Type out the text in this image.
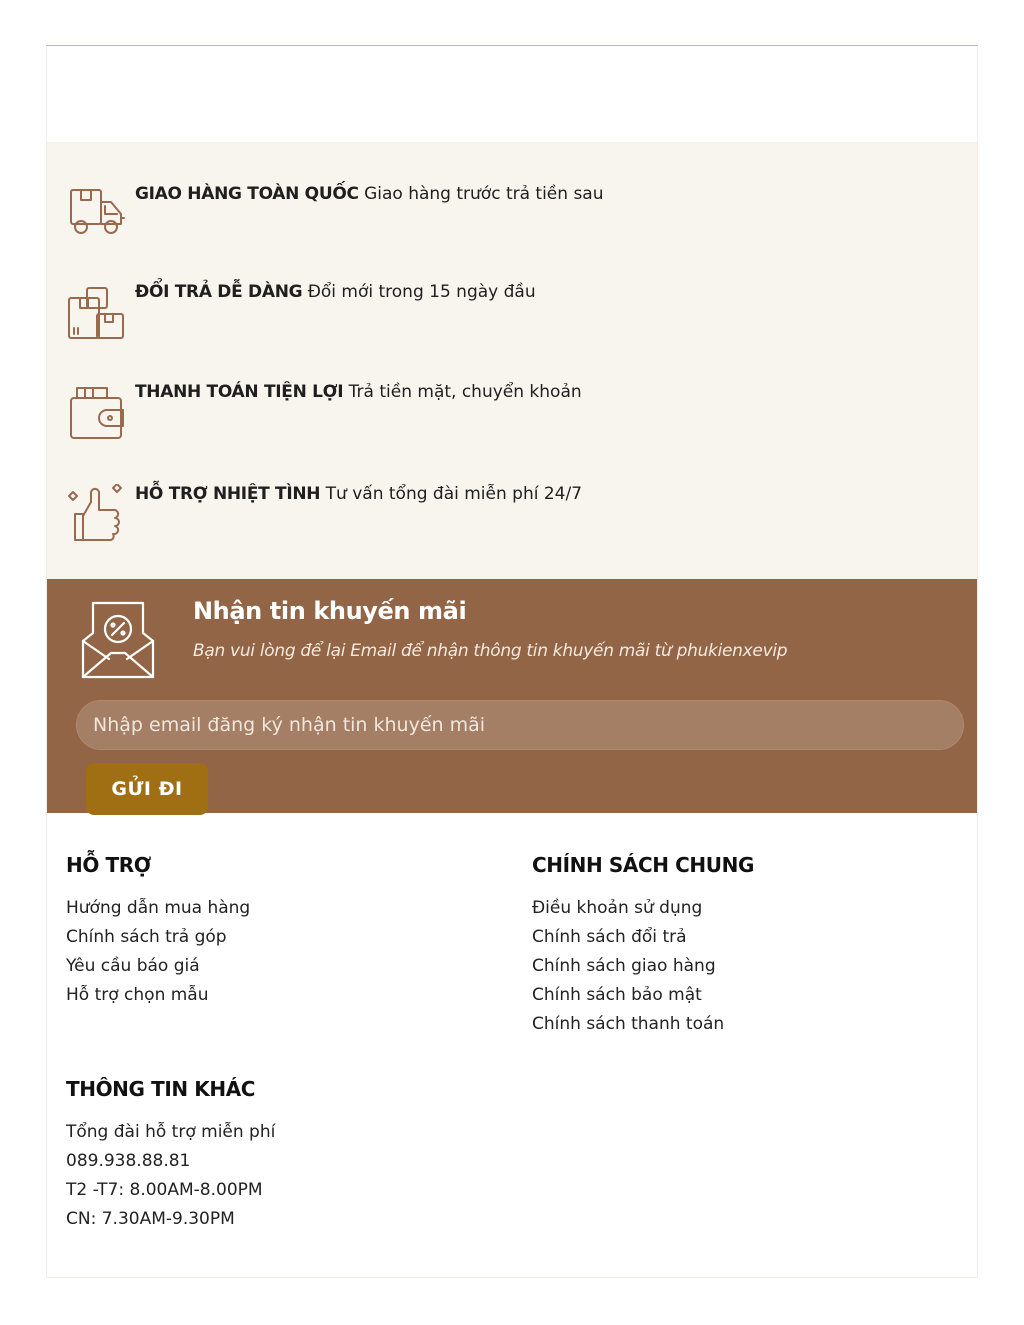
GIAO HÀNG TOÀN QUỐC Giao hàng trước trả tiền sau
ĐỔI TRẢ DỄ DÀNG Đổi mới trong 15 ngày đầu
THANH TOÁN TIỆN LỢI Trả tiền mặt, chuyển khoản
HỖ TRỢ NHIỆT TÌNH Tư vấn tổng đài miễn phí 24/7
Nhận tin khuyến mãi
Bạn vui lòng để lại Email để nhận thông tin khuyến mãi từ phukienxevip
Nhập email đăng ký nhận tin khuyến mãi
GỬI ĐI
HỖ TRỢ
Hướng dẫn mua hàng
Chính sách trả góp
Yêu cầu báo giá
Hỗ trợ chọn mẫu
CHÍNH SÁCH CHUNG
Điều khoản sử dụng
Chính sách đổi trả
Chính sách giao hàng
Chính sách bảo mật
Chính sách thanh toán
THÔNG TIN KHÁC
Tổng đài hỗ trợ miễn phí
089.938.88.81
T2 -T7: 8.00AM-8.00PM
CN: 7.30AM-9.30PM
